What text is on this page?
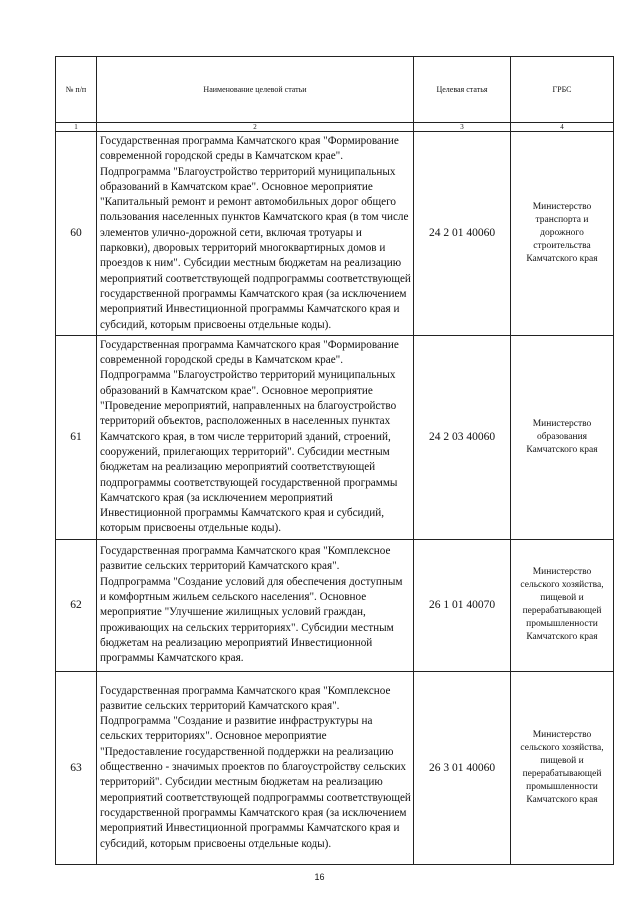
№ п/п	Наименование целевой статьи	Целевая статья	ГРБС
1	2	3	4
60	Государственная программа Камчатского края "Формирование современной городской среды в Камчатском крае". Подпрограмма "Благоустройство территорий муниципальных образований в Камчатском крае". Основное мероприятие "Капитальный ремонт и ремонт автомобильных дорог общего пользования населенных пунктов Камчатского края (в том числе элементов улично-дорожной сети, включая тротуары и парковки), дворовых территорий многоквартирных домов и проездов к ним". Субсидии местным бюджетам на реализацию мероприятий соответствующей подпрограммы соответствующей государственной программы Камчатского края (за исключением мероприятий Инвестиционной программы Камчатского края и субсидий, которым присвоены отдельные коды).	24 2 01 40060	Министерство транспорта и дорожного строительства Камчатского края
61	Государственная программа Камчатского края "Формирование современной городской среды в Камчатском крае". Подпрограмма "Благоустройство территорий муниципальных образований в Камчатском крае". Основное мероприятие "Проведение мероприятий, направленных на благоустройство территорий объектов, расположенных в населенных пунктах Камчатского края, в том числе территорий зданий, строений, сооружений, прилегающих территорий". Субсидии местным бюджетам на реализацию мероприятий соответствующей подпрограммы соответствующей государственной программы Камчатского края (за исключением мероприятий Инвестиционной программы Камчатского края и субсидий, которым присвоены отдельные коды).	24 2 03 40060	Министерство образования Камчатского края
62	Государственная программа Камчатского края "Комплексное развитие сельских территорий Камчатского края". Подпрограмма "Создание условий для обеспечения доступным и комфортным жильем сельского населения". Основное мероприятие "Улучшение жилищных условий граждан, проживающих на сельских территориях". Субсидии местным бюджетам на реализацию мероприятий Инвестиционной программы Камчатского края.	26 1 01 40070	Министерство сельского хозяйства, пищевой и перерабатывающей промышленности Камчатского края
63	Государственная программа Камчатского края "Комплексное развитие сельских территорий Камчатского края". Подпрограмма "Создание и развитие инфраструктуры на сельских территориях". Основное мероприятие "Предоставление государственной поддержки на реализацию общественно - значимых проектов по благоустройству сельских территорий". Субсидии местным бюджетам на реализацию мероприятий соответствующей подпрограммы соответствующей государственной программы Камчатского края (за исключением мероприятий Инвестиционной программы Камчатского края и субсидий, которым присвоены отдельные коды).	26 3 01 40060	Министерство сельского хозяйства, пищевой и перерабатывающей промышленности Камчатского края
16
